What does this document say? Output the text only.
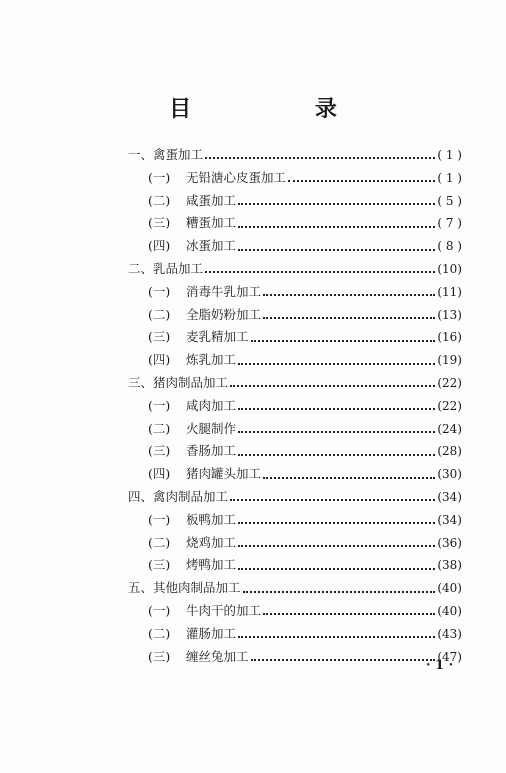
目 录
一、禽蛋加工	( 1 )
(一)	无铅溏心皮蛋加工	( 1 )
(二)	咸蛋加工	( 5 )
(三)	糟蛋加工	( 7 )
(四)	冰蛋加工	( 8 )
二、乳品加工	(10)
(一)	消毒牛乳加工	(11)
(二)	全脂奶粉加工	(13)
(三)	麦乳精加工	(16)
(四)	炼乳加工	(19)
三、猪肉制品加工	(22)
(一)	咸肉加工	(22)
(二)	火腿制作	(24)
(三)	香肠加工	(28)
(四)	猪肉罐头加工	(30)
四、禽肉制品加工	(34)
(一)	板鸭加工	(34)
(二)	烧鸡加工	(36)
(三)	烤鸭加工	(38)
五、其他肉制品加工	(40)
(一)	牛肉干的加工	(40)
(二)	灌肠加工	(43)
(三)	缠丝兔加工	(47)
· 1 ·
